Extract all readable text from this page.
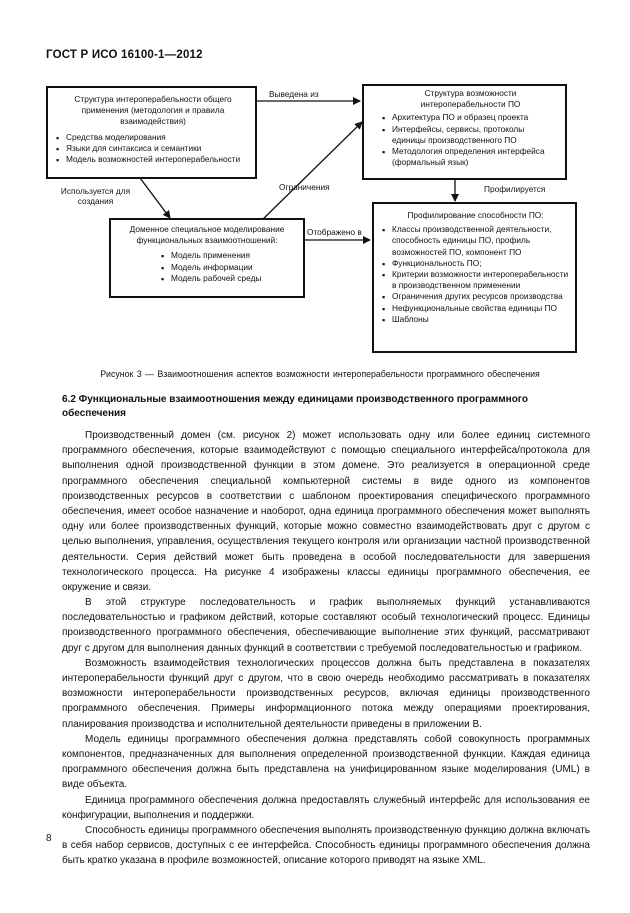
ГОСТ Р ИСО 16100-1—2012
Структура интероперабельности общего применения (методология и правила взаимодействия)
▪ Средства моделирования
▪ Языки для синтаксиса и семантики
▪ Модель возможностей интероперабельности
Структура возможности интероперабельности ПО
▪ Архитектура ПО и образец проекта
▪ Интерфейсы, сервисы, протоколы единицы производственного ПО
▪ Методология определения интерфейса (формальный язык)
Доменное специальное моделирование функциональных взаимоотношений:
▪ Модель применения
▪ Модель информации
▪ Модель рабочей среды
Профилирование способности ПО:
▪ Классы производственной деятельности, способность единицы ПО, профиль возможностей ПО, компонент ПО
▪ Функциональность ПО;
▪ Критерии возможности интероперабельности в производственном применении
▪ Ограничения других ресурсов производства
▪ Нефункциональные свойства единицы ПО
▪ Шаблоны
Выведена из
Используется для создания
Ограничения	Профилируется
Отображено в
Рисунок 3 — Взаимоотношения аспектов возможности интероперабельности программного обеспечения
6.2 Функциональные взаимоотношения между единицами производственного программного обеспечения

Производственный домен (см. рисунок 2) может использовать одну или более единиц системного программного обеспечения, которые взаимодействуют с помощью специального интерфейса/протокола для выполнения одной производственной функции в этом домене. Это реализуется в операционной среде программного обеспечения специальной компьютерной системы в виде одного из компонентов производственных ресурсов в соответствии с шаблоном проектирования специфического программного обеспечения, имеет особое назначение и наоборот, одна единица программного обеспечения может выполнять одну или более производственных функций, которые можно совместно взаимодействовать друг с другом с целью выполнения, управления, осуществления текущего контроля или организации частной производственной деятельности. Серия действий может быть проведена в особой последовательности для завершения технологического процесса. На рисунке 4 изображены классы единицы программного обеспечения, ее окружение и связи.

В этой структуре последовательность и график выполняемых функций устанавливаются последовательностью и графиком действий, которые составляют особый технологический процесс. Единицы производственного программного обеспечения, обеспечивающие выполнение этих функций, рассматривают друг с другом для выполнения данных функций в соответствии с требуемой последовательностью и графиком.

Возможность взаимодействия технологических процессов должна быть представлена в показателях интероперабельности функций друг с другом, что в свою очередь необходимо рассматривать в показателях возможности интероперабельности производственных ресурсов, включая единицы производственного программного обеспечения. Примеры информационного потока между операциями проектирования, планирования производства и исполнительной деятельности приведены в приложении В.

Модель единицы программного обеспечения должна представлять собой совокупность программных компонентов, предназначенных для выполнения определенной производственной функции. Каждая единица программного обеспечения должна быть представлена на унифицированном языке моделирования (UML) в виде объекта.

Единица программного обеспечения должна предоставлять служебный интерфейс для использования ее конфигурации, выполнения и поддержки.

Способность единицы программного обеспечения выполнять производственную функцию должна включать в себя набор сервисов, доступных с ее интерфейса. Способность единицы программного обеспечения должна быть кратко указана в профиле возможностей, описание которого приводят на языке XML.

8
